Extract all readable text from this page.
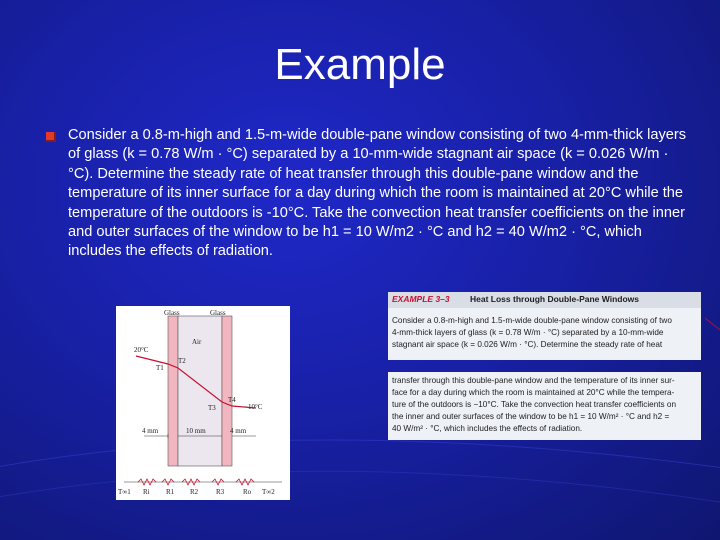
Example
Consider a 0.8-m-high and 1.5-m-wide double-pane window consisting of two 4-mm-thick layers of glass (k = 0.78 W/m · °C) separated by a 10-mm-wide stagnant air space (k = 0.026 W/m · °C). Determine the steady rate of heat transfer through this double-pane window and the temperature of its inner surface for a day during which the room is maintained at 20°C while the temperature of the outdoors is -10°C. Take the convection heat transfer coefficients on the inner and outer surfaces of the window to be h1 = 10 W/m2 · °C and h2 = 40 W/m2 · °C, which includes the effects of radiation.
Glass	Glass
Air
20°C
T1
T2
T3
T4
−10°C
4 mm	10 mm	4 mm
T∞1 Ri R1 R2	R3	Ro T∞2
EXAMPLE 3–3 Heat Loss through Double-Pane Windows
Consider a 0.8-m-high and 1.5-m-wide double-pane window consisting of two
4-mm-thick layers of glass (k = 0.78 W/m · °C) separated by a 10-mm-wide
stagnant air space (k = 0.026 W/m · °C). Determine the steady rate of heat
transfer through this double-pane window and the temperature of its inner sur-
face for a day during which the room is maintained at 20°C while the tempera-
ture of the outdoors is −10°C. Take the convection heat transfer coefficients on
the inner and outer surfaces of the window to be h1 = 10 W/m² · °C and h2 =
40 W/m² · °C, which includes the effects of radiation.
